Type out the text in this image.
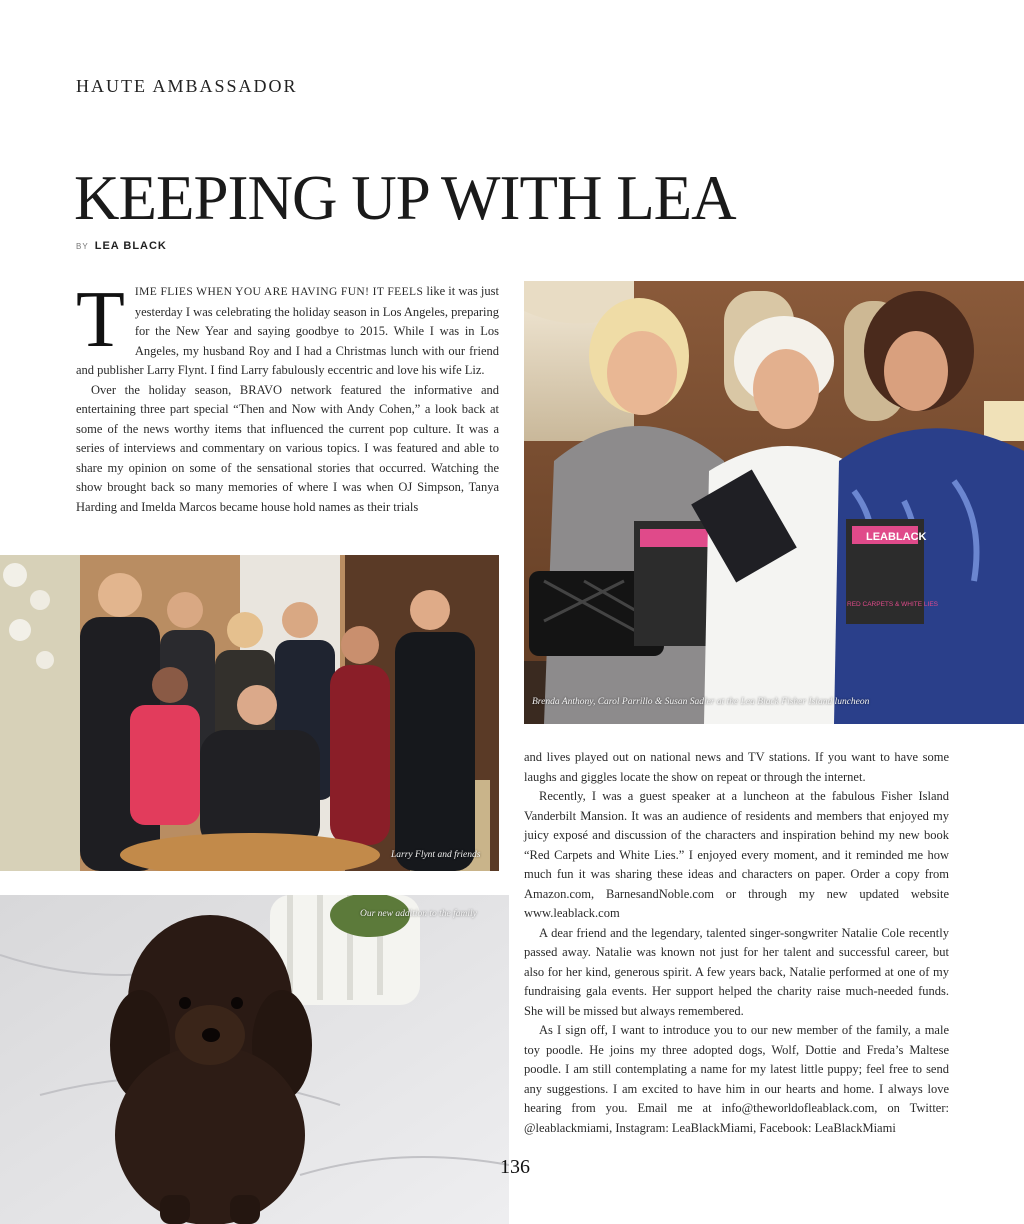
HAUTE AMBASSADOR
KEEPING UP WITH LEA
BY LEA BLACK

TIME FLIES WHEN YOU ARE HAVING FUN! IT FEELS like it was just yesterday I was celebrating the holiday season in Los Angeles, preparing for the New Year and saying goodbye to 2015. While I was in Los Angeles, my husband Roy and I had a Christmas lunch with our friend and publisher Larry Flynt. I find Larry fabulously eccentric and love his wife Liz.

Over the holiday season, BRAVO network featured the informative and entertaining three part special “Then and Now with Andy Cohen,” a look back at some of the news worthy items that influenced the current pop culture. It was a series of interviews and commentary on various topics. I was featured and able to share my opinion on some of the sensational stories that occurred. Watching the show brought back so many memories of where I was when OJ Simpson, Tanya Harding and Imelda Marcos became house hold names as their trials

LEABLACK
RED CARPETS & WHITE LIES
Brenda Anthony, Carol Parrillo & Susan Sadler at the Lea Black Fisher Island luncheon
Larry Flynt and friends
Our new addition to the family

and lives played out on national news and TV stations. If you want to have some laughs and giggles locate the show on repeat or through the internet.

Recently, I was a guest speaker at a luncheon at the fabulous Fisher Island Vanderbilt Mansion. It was an audience of residents and members that enjoyed my juicy exposé and discussion of the characters and inspiration behind my new book “Red Carpets and White Lies.” I enjoyed every moment, and it reminded me how much fun it was sharing these ideas and characters on paper. Order a copy from Amazon.com, BarnesandNoble.com or through my new updated website www.leablack.com

A dear friend and the legendary, talented singer-songwriter Natalie Cole recently passed away. Natalie was known not just for her talent and successful career, but also for her kind, generous spirit. A few years back, Natalie performed at one of my fundraising gala events. Her support helped the charity raise much-needed funds. She will be missed but always remembered.

As I sign off, I want to introduce you to our new member of the family, a male toy poodle. He joins my three adopted dogs, Wolf, Dottie and Freda’s Maltese poodle. I am still contemplating a name for my latest little puppy; feel free to send any suggestions. I am excited to have him in our hearts and home. I always love hearing from you. Email me at info@theworldofleablack.com, on Twitter: @leablackmiami, Instagram: LeaBlackMiami, Facebook: LeaBlackMiami

136
